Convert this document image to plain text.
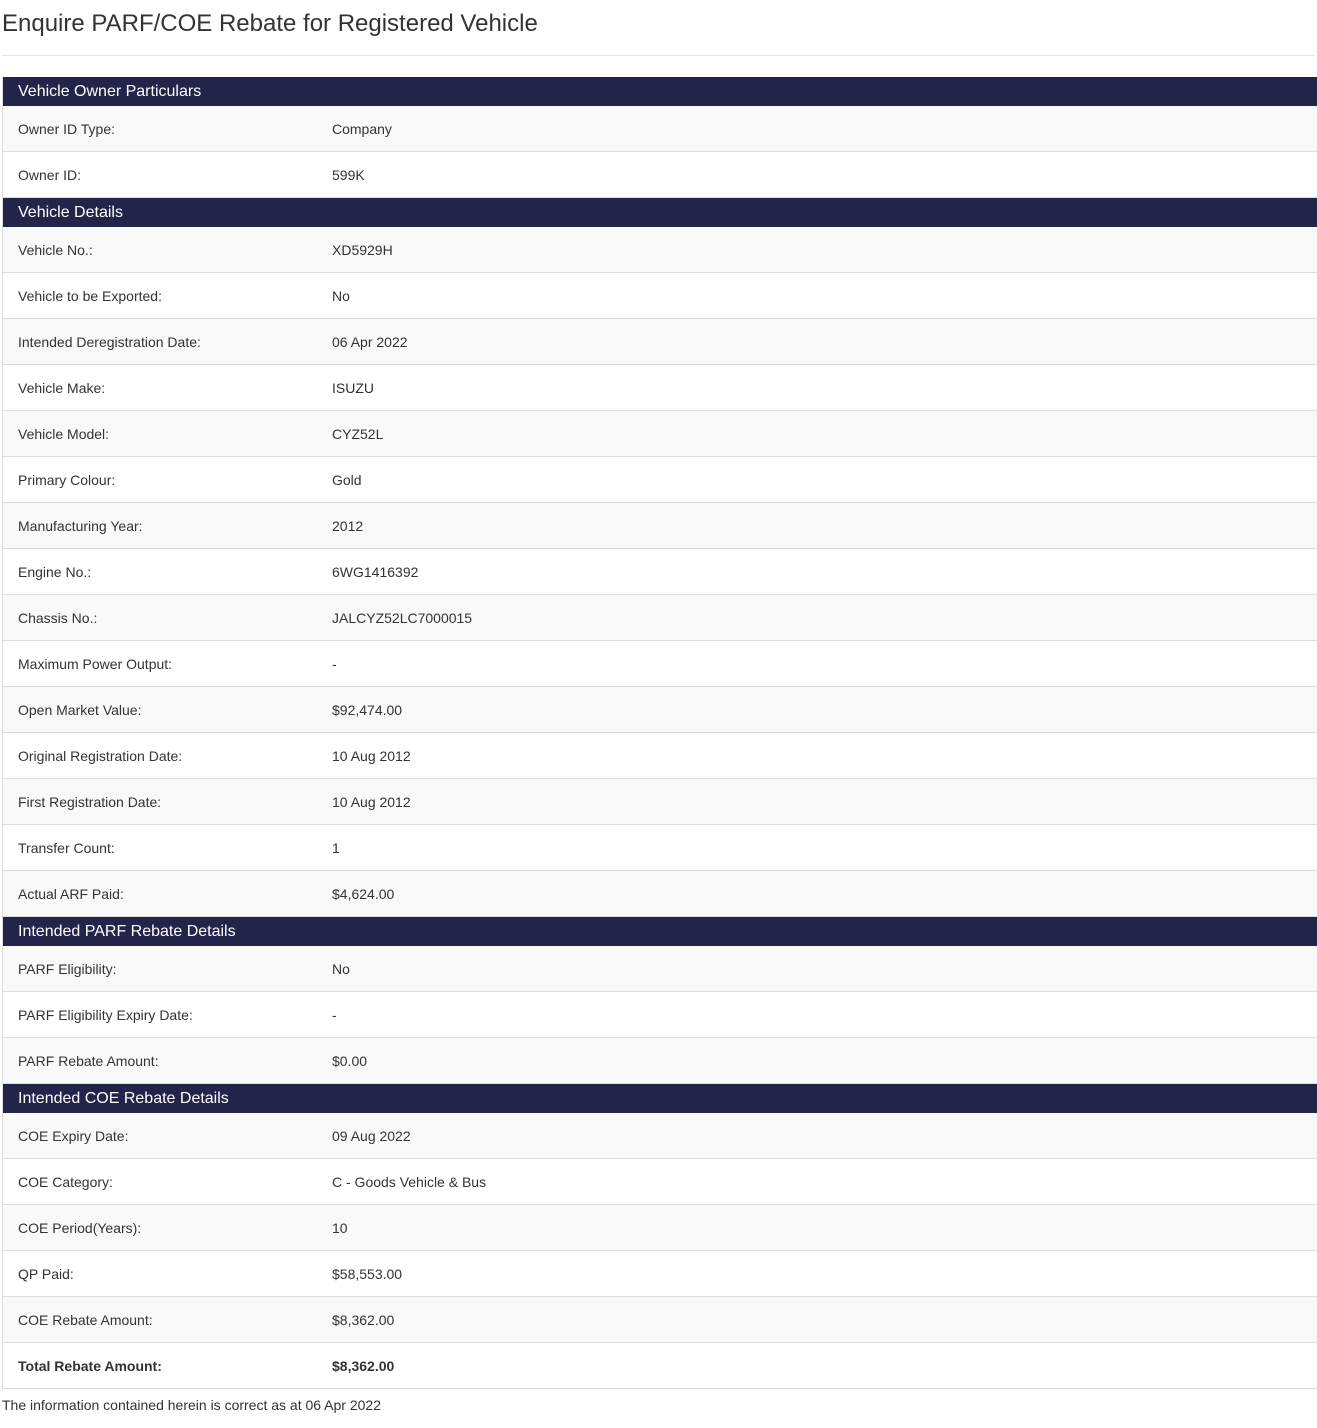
Enquire PARF/COE Rebate for Registered Vehicle
Vehicle Owner Particulars
Owner ID Type:	Company
Owner ID:	599K
Vehicle Details
Vehicle No.:	XD5929H
Vehicle to be Exported:	No
Intended Deregistration Date:	06 Apr 2022
Vehicle Make:	ISUZU
Vehicle Model:	CYZ52L
Primary Colour:	Gold
Manufacturing Year:	2012
Engine No.:	6WG1416392
Chassis No.:	JALCYZ52LC7000015
Maximum Power Output:	-
Open Market Value:	$92,474.00
Original Registration Date:	10 Aug 2012
First Registration Date:	10 Aug 2012
Transfer Count:	1
Actual ARF Paid:	$4,624.00
Intended PARF Rebate Details
PARF Eligibility:	No
PARF Eligibility Expiry Date:	-
PARF Rebate Amount:	$0.00
Intended COE Rebate Details
COE Expiry Date:	09 Aug 2022
COE Category:	C - Goods Vehicle & Bus
COE Period(Years):	10
QP Paid:	$58,553.00
COE Rebate Amount:	$8,362.00
Total Rebate Amount:	$8,362.00
The information contained herein is correct as at 06 Apr 2022
